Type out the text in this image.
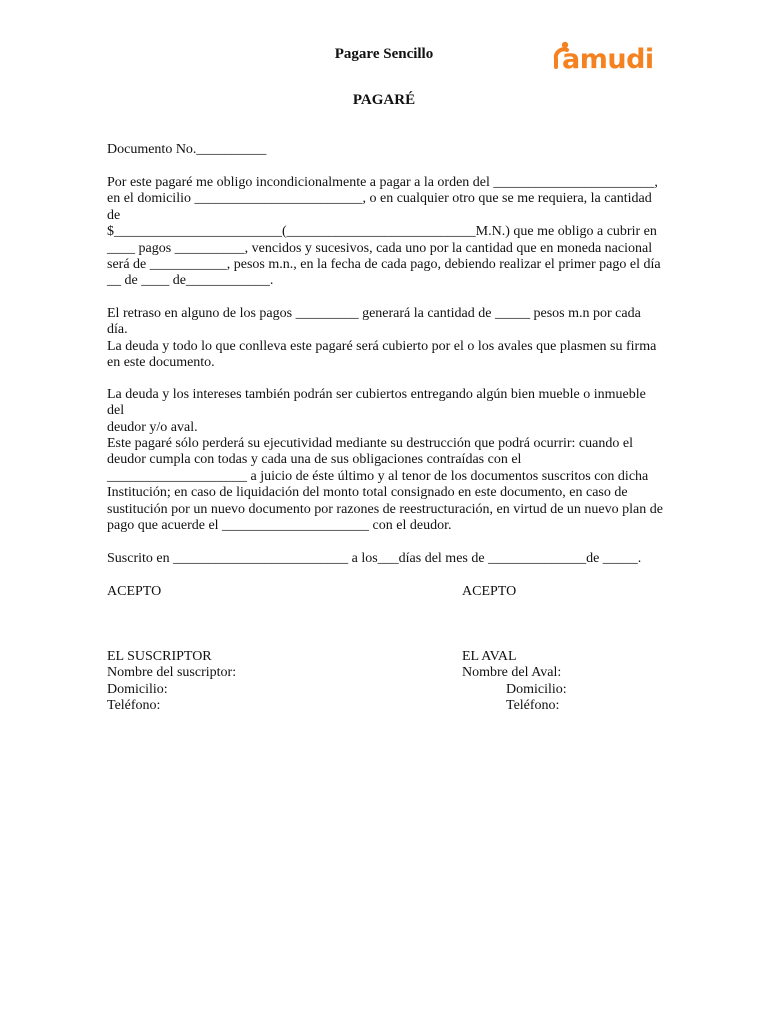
Pagare Sencillo	amudi
PAGARÉ

Documento No.__________

Por este pagaré me obligo incondicionalmente a pagar a la orden del _______________________,
en el domicilio ________________________, o en cualquier otro que se me requiera, la cantidad de
$________________________(___________________________M.N.) que me obligo a cubrir en
____ pagos __________, vencidos y sucesivos, cada uno por la cantidad que en moneda nacional
será de ___________, pesos m.n., en la fecha de cada pago, debiendo realizar el primer pago el día
__ de ____ de____________.
El retraso en alguno de los pagos _________ generará la cantidad de _____ pesos m.n por cada día.
La deuda y todo lo que conlleva este pagaré será cubierto por el o los avales que plasmen su firma
en este documento.
La deuda y los intereses también podrán ser cubiertos entregando algún bien mueble o inmueble del
deudor y/o aval.
Este pagaré sólo perderá su ejecutividad mediante su destrucción que podrá ocurrir: cuando el
deudor cumpla con todas y cada una de sus obligaciones contraídas con el
____________________ a juicio de éste último y al tenor de los documentos suscritos con dicha
Institución; en caso de liquidación del monto total consignado en este documento, en caso de
sustitución por un nuevo documento por razones de reestructuración, en virtud de un nuevo plan de
pago que acuerde el _____________________ con el deudor.
Suscrito en _________________________ a los___días del mes de ______________de _____.
ACEPTO	ACEPTO
EL SUSCRIPTOR
Nombre del suscriptor:
Domicilio:
Teléfono:
EL AVAL
Nombre del Aval:
Domicilio:
Teléfono:
